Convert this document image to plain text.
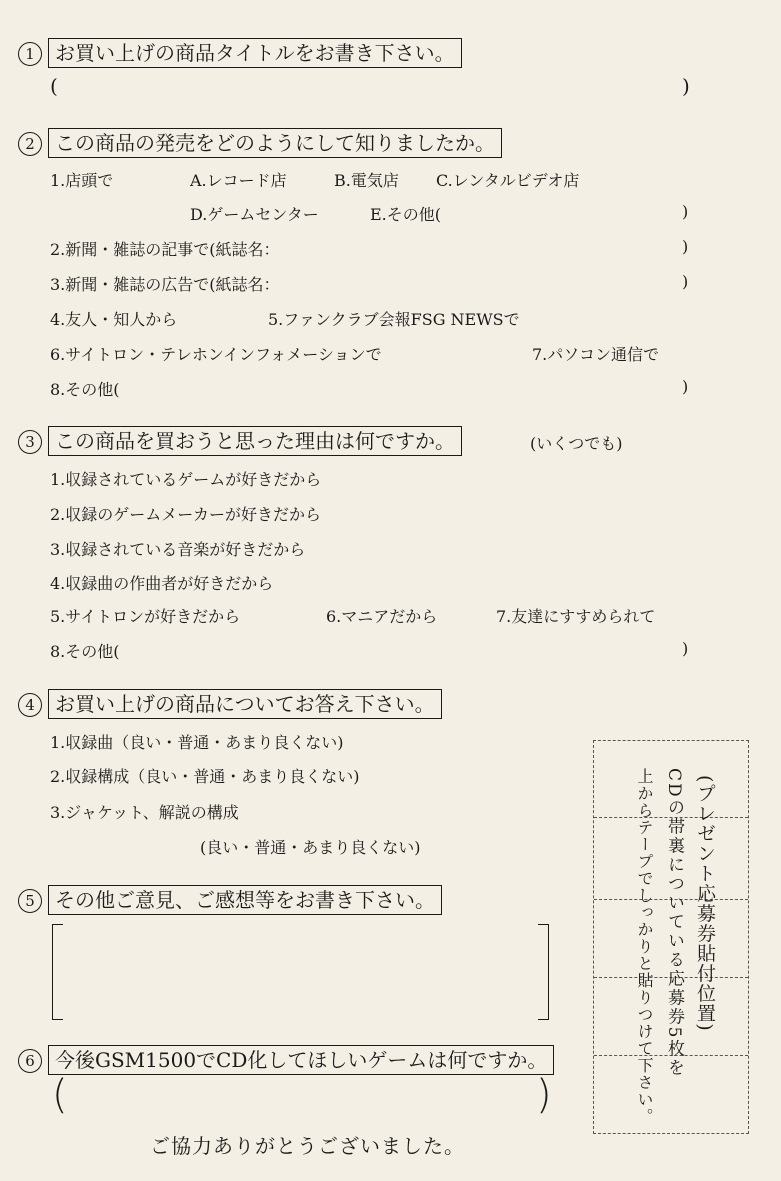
1	お買い上げの商品タイトルをお書き下さい。
(	)
2	この商品の発売をどのようにして知りましたか。
1.店頭で	A.レコード店	B.電気店 C.レンタルビデオ店
D.ゲームセンター	E.その他(	)
2.新聞・雑誌の記事で(紙誌名：	)
3.新聞・雑誌の広告で(紙誌名：	)
4.友人・知人から	5.ファンクラブ会報FSG NEWSで
6.サイトロン・テレホンインフォメーションで	7.パソコン通信で
8.その他(	)
3	この商品を買おうと思った理由は何ですか。	(いくつでも)
1.収録されているゲームが好きだから
2.収録のゲームメーカーが好きだから
3.収録されている音楽が好きだから
4.収録曲の作曲者が好きだから
5.サイトロンが好きだから	6.マニアだから	7.友達にすすめられて
8.その他(	)
4	お買い上げの商品についてお答え下さい。
1.収録曲（良い・普通・あまり良くない)
2.収録構成（良い・普通・あまり良くない)
3.ジャケット、解説の構成
(良い・普通・あまり良くない)
5	その他ご意見、ご感想等をお書き下さい。
6	今後GSM1500でCD化してほしいゲームは何ですか。
(	)
(プレゼント応募券貼付位置)
CDの帯裏についている応募券5枚を
上からテープでしっかりと貼りつけて下さい。
ご協力ありがとうございました。
